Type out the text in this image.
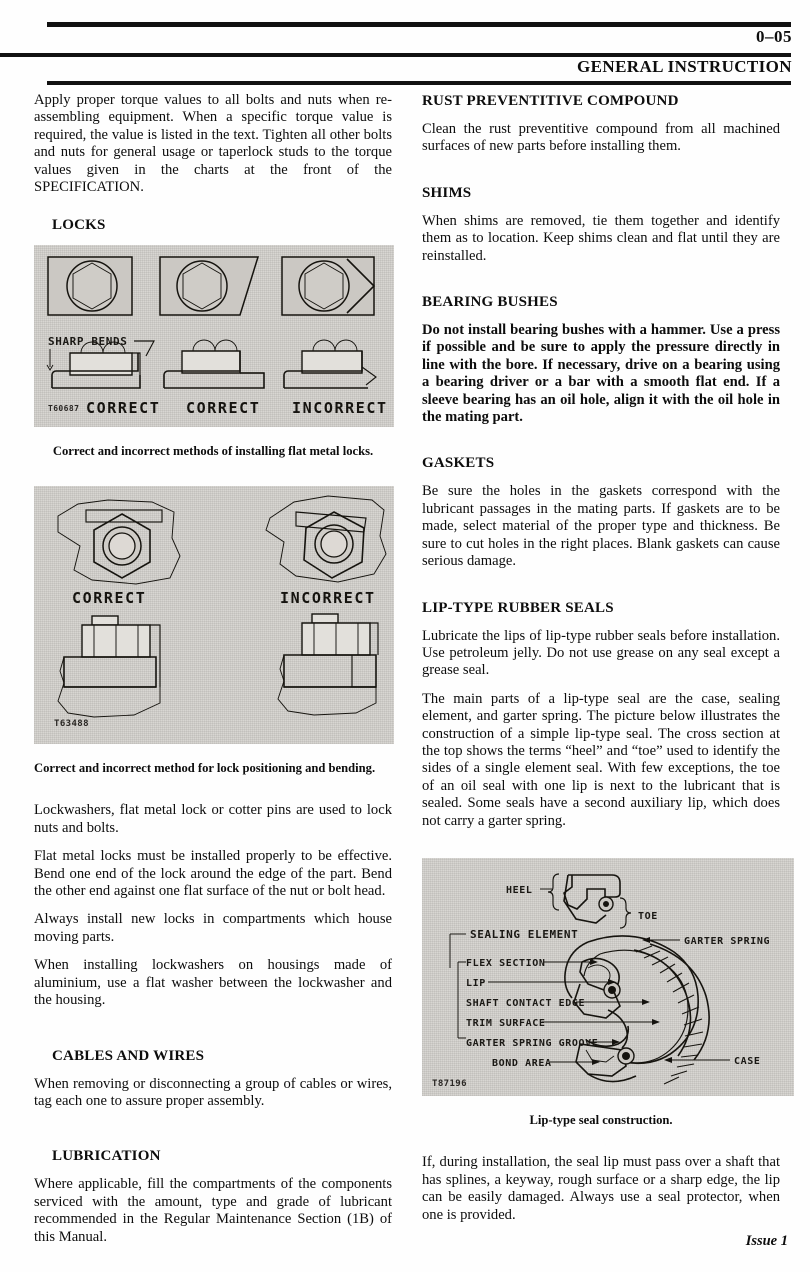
0–05
GENERAL INSTRUCTION

Apply proper torque values to all bolts and nuts when re-assembling equipment. When a specific torque value is required, the value is listed in the text. Tighten all other bolts and nuts for general usage or taperlock studs to the torque values given in the charts at the front of the SPECIFICATION.

LOCKS
SHARP BENDS
T60687 CORRECT CORRECT INCORRECT

Correct and incorrect methods of installing flat metal locks.

CORRECT
T63488
INCORRECT

Correct and incorrect method for lock positioning and bending.

Lockwashers, flat metal lock or cotter pins are used to lock nuts and bolts.

Flat metal locks must be installed properly to be effective. Bend one end of the lock around the edge of the part. Bend the other end against one flat surface of the nut or bolt head.

Always install new locks in compartments which house moving parts.

When installing lockwashers on housings made of aluminium, use a flat washer between the lockwasher and the housing.

CABLES AND WIRES

When removing or disconnecting a group of cables or wires, tag each one to assure proper assembly.

LUBRICATION

Where applicable, fill the compartments of the components serviced with the amount, type and grade of lubricant recommended in the Regular Maintenance Section (1B) of this Manual.

RUST PREVENTITIVE COMPOUND

Clean the rust preventitive compound from all machined surfaces of new parts before installing them.

SHIMS

When shims are removed, tie them together and identify them as to location. Keep shims clean and flat until they are reinstalled.

BEARING BUSHES

Do not install bearing bushes with a hammer. Use a press if possible and be sure to apply the pressure directly in line with the bore. If necessary, drive on a bearing using a bearing driver or a bar with a smooth flat end. If a sleeve bearing has an oil hole, align it with the oil hole in the mating part.

GASKETS

Be sure the holes in the gaskets correspond with the lubricant passages in the mating parts. If gaskets are to be made, select material of the proper type and thickness. Be sure to cut holes in the right places. Blank gaskets can cause serious damage.

LIP-TYPE RUBBER SEALS

Lubricate the lips of lip-type rubber seals before installation. Use petroleum jelly. Do not use grease on any seal except a grease seal.

The main parts of a lip-type seal are the case, sealing element, and garter spring. The picture below illustrates the construction of a simple lip-type seal. The cross section at the top shows the terms “heel” and “toe” used to identify the sides of a single element seal. With few exceptions, the toe of an oil seal with one lip is next to the lubricant that is sealed. Some seals have a second auxiliary lip, which does not carry a garter spring.

HEEL
TOE
SEALING ELEMENT
FLEX SECTION
LIP
SHAFT CONTACT EDGE
TRIM SURFACE
GARTER SPRING GROOVE
BOND AREA
GARTER SPRING
CASE
T87196

Lip-type seal construction.

If, during installation, the seal lip must pass over a shaft that has splines, a keyway, rough surface or a sharp edge, the lip can be easily damaged. Always use a seal protector, when one is provided.

Issue 1
